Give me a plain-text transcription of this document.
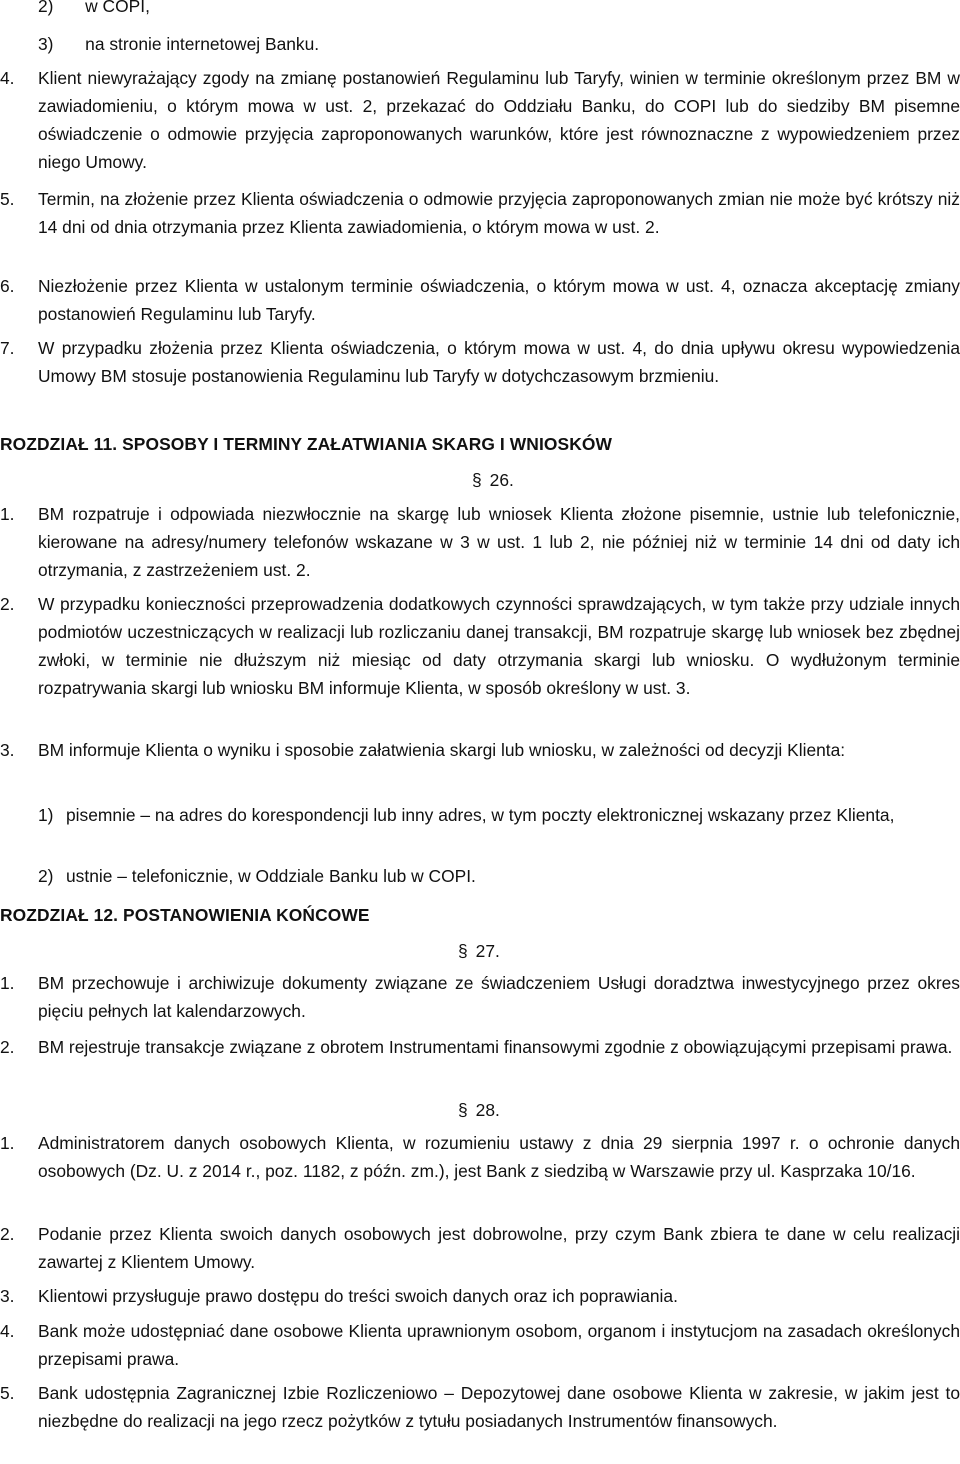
2) w COPI,
3) na stronie internetowej Banku.
4. Klient niewyrażający zgody na zmianę postanowień Regulaminu lub Taryfy, winien w terminie określonym przez BM w zawiadomieniu, o którym mowa w ust. 2, przekazać do Oddziału Banku, do COPI lub do siedziby BM pisemne oświadczenie o odmowie przyjęcia zaproponowanych warunków, które jest równoznaczne z wypowiedzeniem przez niego Umowy.
5. Termin, na złożenie przez Klienta oświadczenia o odmowie przyjęcia zaproponowanych zmian nie może być krótszy niż 14 dni od dnia otrzymania przez Klienta zawiadomienia, o którym mowa w ust. 2.
6. Niezłożenie przez Klienta w ustalonym terminie oświadczenia, o którym mowa w ust. 4, oznacza akceptację zmiany postanowień Regulaminu lub Taryfy.
7. W przypadku złożenia przez Klienta oświadczenia, o którym mowa w ust. 4, do dnia upływu okresu wypowiedzenia Umowy BM stosuje postanowienia Regulaminu lub Taryfy w dotychczasowym brzmieniu.
ROZDZIAŁ 11. SPOSOBY I TERMINY ZAŁATWIANIA SKARG I WNIOSKÓW
§ 26.
1. BM rozpatruje i odpowiada niezwłocznie na skargę lub wniosek Klienta złożone pisemnie, ustnie lub telefonicznie, kierowane na adresy/numery telefonów wskazane w 3 w ust. 1 lub 2, nie później niż w terminie 14 dni od daty ich otrzymania, z zastrzeżeniem ust. 2.
2. W przypadku konieczności przeprowadzenia dodatkowych czynności sprawdzających, w tym także przy udziale innych podmiotów uczestniczących w realizacji lub rozliczaniu danej transakcji, BM rozpatruje skargę lub wniosek bez zbędnej zwłoki, w terminie nie dłuższym niż miesiąc od daty otrzymania skargi lub wniosku. O wydłużonym terminie rozpatrywania skargi lub wniosku BM informuje Klienta, w sposób określony w ust. 3.
3. BM informuje Klienta o wyniku i sposobie załatwienia skargi lub wniosku, w zależności od decyzji Klienta:
1) pisemnie – na adres do korespondencji lub inny adres, w tym poczty elektronicznej wskazany przez Klienta,
2) ustnie – telefonicznie, w Oddziale Banku lub w COPI.
ROZDZIAŁ 12. POSTANOWIENIA KOŃCOWE
§ 27.
1. BM przechowuje i archiwizuje dokumenty związane ze świadczeniem Usługi doradztwa inwestycyjnego przez okres pięciu pełnych lat kalendarzowych.
2. BM rejestruje transakcje związane z obrotem Instrumentami finansowymi zgodnie z obowiązującymi przepisami prawa.
§ 28.
1. Administratorem danych osobowych Klienta, w rozumieniu ustawy z dnia 29 sierpnia 1997 r. o ochronie danych osobowych (Dz. U. z 2014 r., poz. 1182, z późn. zm.), jest Bank z siedzibą w Warszawie przy ul. Kasprzaka 10/16.
2. Podanie przez Klienta swoich danych osobowych jest dobrowolne, przy czym Bank zbiera te dane w celu realizacji zawartej z Klientem Umowy.
3. Klientowi przysługuje prawo dostępu do treści swoich danych oraz ich poprawiania.
4. Bank może udostępniać dane osobowe Klienta uprawnionym osobom, organom i instytucjom na zasadach określonych przepisami prawa.
5. Bank udostępnia Zagranicznej Izbie Rozliczeniowo – Depozytowej dane osobowe Klienta w zakresie, w jakim jest to niezbędne do realizacji na jego rzecz pożytków z tytułu posiadanych Instrumentów finansowych.
